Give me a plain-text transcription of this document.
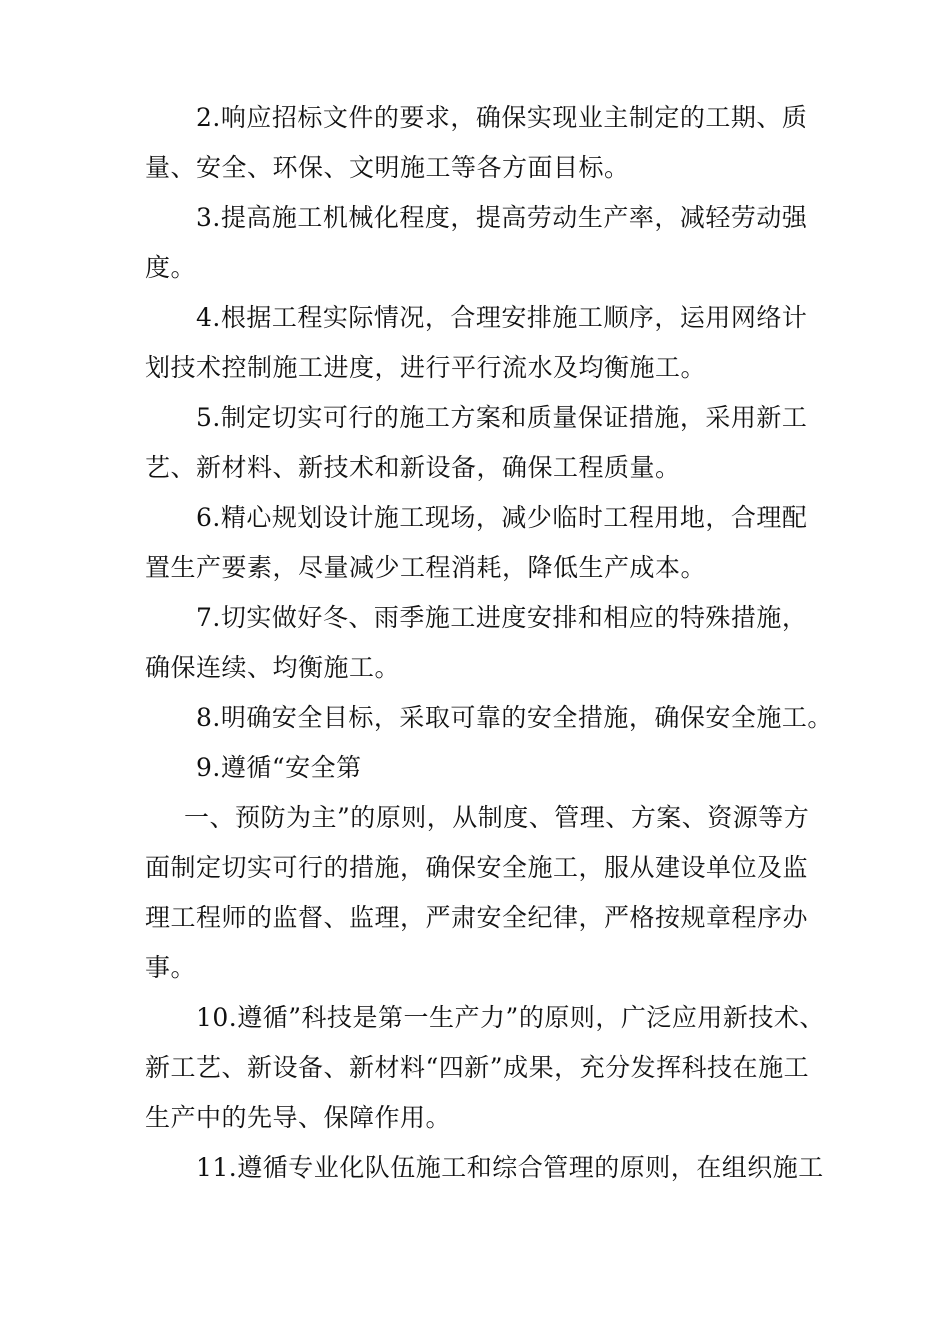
2.响应招标文件的要求，确保实现业主制定的工期、质
量、安全、环保、文明施工等各方面目标。
3.提高施工机械化程度，提高劳动生产率，减轻劳动强
度。
4.根据工程实际情况，合理安排施工顺序，运用网络计
划技术控制施工进度，进行平行流水及均衡施工。
5.制定切实可行的施工方案和质量保证措施，采用新工
艺、新材料、新技术和新设备，确保工程质量。
6.精心规划设计施工现场，减少临时工程用地，合理配
置生产要素，尽量减少工程消耗，降低生产成本。
7.切实做好冬、雨季施工进度安排和相应的特殊措施，
确保连续、均衡施工。
8.明确安全目标，采取可靠的安全措施，确保安全施工。
9.遵循“安全第
一、预防为主”的原则，从制度、管理、方案、资源等方
面制定切实可行的措施，确保安全施工，服从建设单位及监
理工程师的监督、监理，严肃安全纪律，严格按规章程序办
事。
10.遵循”科技是第一生产力”的原则，广泛应用新技术、
新工艺、新设备、新材料“四新”成果，充分发挥科技在施工
生产中的先导、保障作用。
11.遵循专业化队伍施工和综合管理的原则，在组织施工
